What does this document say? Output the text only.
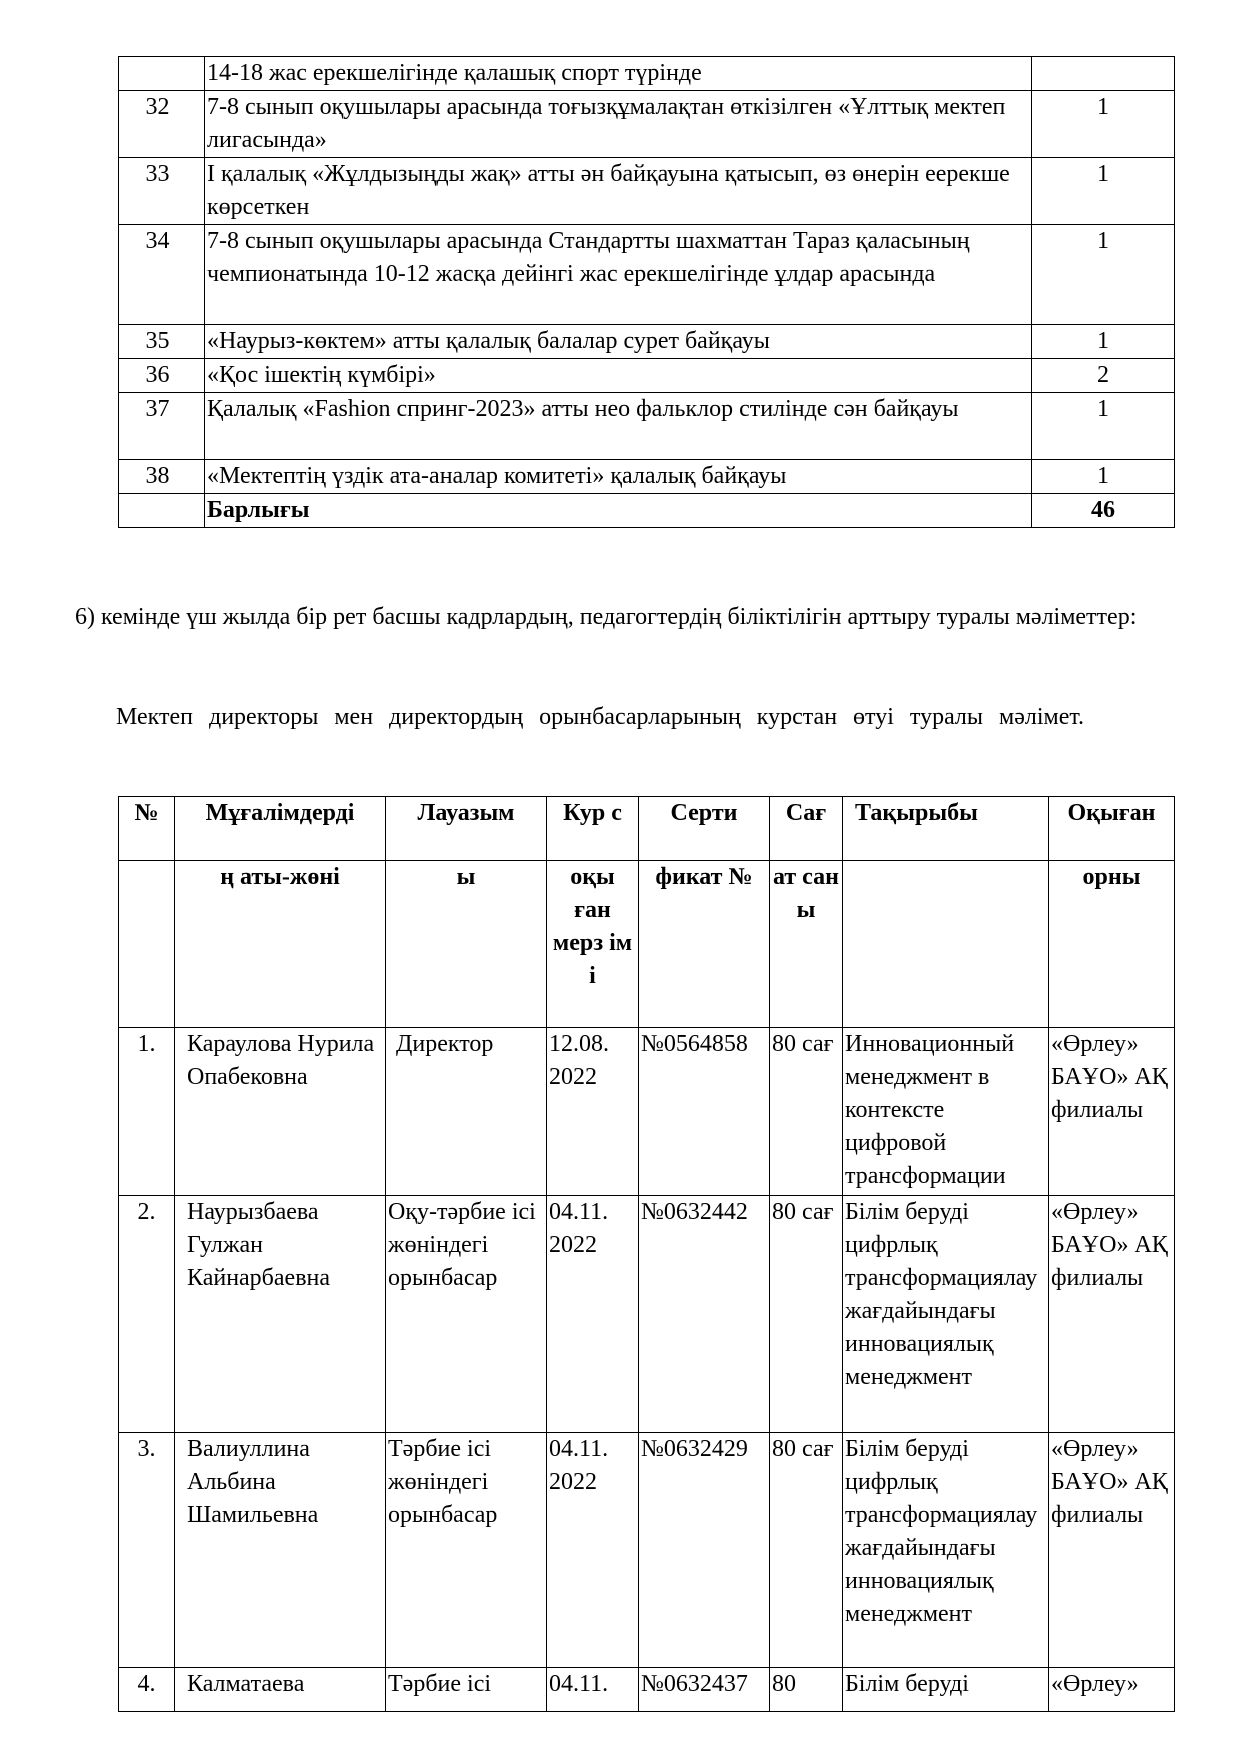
	14-18 жас ерекшелігінде қалашық спорт түрінде	
32	7-8 сынып оқушылары арасында тоғызқұмалақтан өткізілген «Ұлттық мектеп лигасында»	1
33	І қалалық «Жұлдызыңды жақ» атты ән байқауына қатысып, өз өнерін еерекше көрсеткен	1
34	7-8 сынып оқушылары арасында Стандартты шахматтан Тараз қаласының чемпионатында 10-12 жасқа дейінгі жас ерекшелігінде ұлдар арасында	1
35	«Наурыз-көктем» атты қалалық балалар сурет байқауы	1
36	«Қос ішектің күмбірі»	2
37	Қалалық «Fashion спринг-2023» атты нео фальклор стилінде сән байқауы	1
38	«Мектептің үздік ата-аналар комитеті» қалалық байқауы	1
	Барлығы	46

6) кемінде үш жылда бір рет басшы кадрлардың, педагогтердің біліктілігін арттыру туралы мәліметтер:

Мектеп директоры мен директордың орынбасарларының курстан өтуі туралы мәлімет.

№	Мұғалімдерді	Лауазым	Кур с	Серти	Сағ	Тақырыбы	Оқыған
	ң аты-жөні	ы	оқы ған мерз ім і	фикат №	ат сан ы		орны
1.	Караулова Нурила Опабековна	Директор	12.08. 2022	№0564858	80 сағ	Инновационный менеджмент в контексте цифровой трансформации	«Өрлеу» БАҰО» АҚ филиалы
2.	Наурызбаева Гулжан Кайнарбаевна	Оқу-тәрбие ісі жөніндегі орынбасар	04.11. 2022	№0632442	80 сағ	Білім беруді цифрлық трансформациялау жағдайындағы инновациялық менеджмент	«Өрлеу» БАҰО» АҚ филиалы
3.	Валиуллина Альбина Шамильевна	Тәрбие ісі жөніндегі орынбасар	04.11. 2022	№0632429	80 сағ	Білім беруді цифрлық трансформациялау жағдайындағы инновациялық менеджмент	«Өрлеу» БАҰО» АҚ филиалы
4.	Калматаева	Тәрбие ісі	04.11.	№0632437	80	Білім беруді	«Өрлеу»
